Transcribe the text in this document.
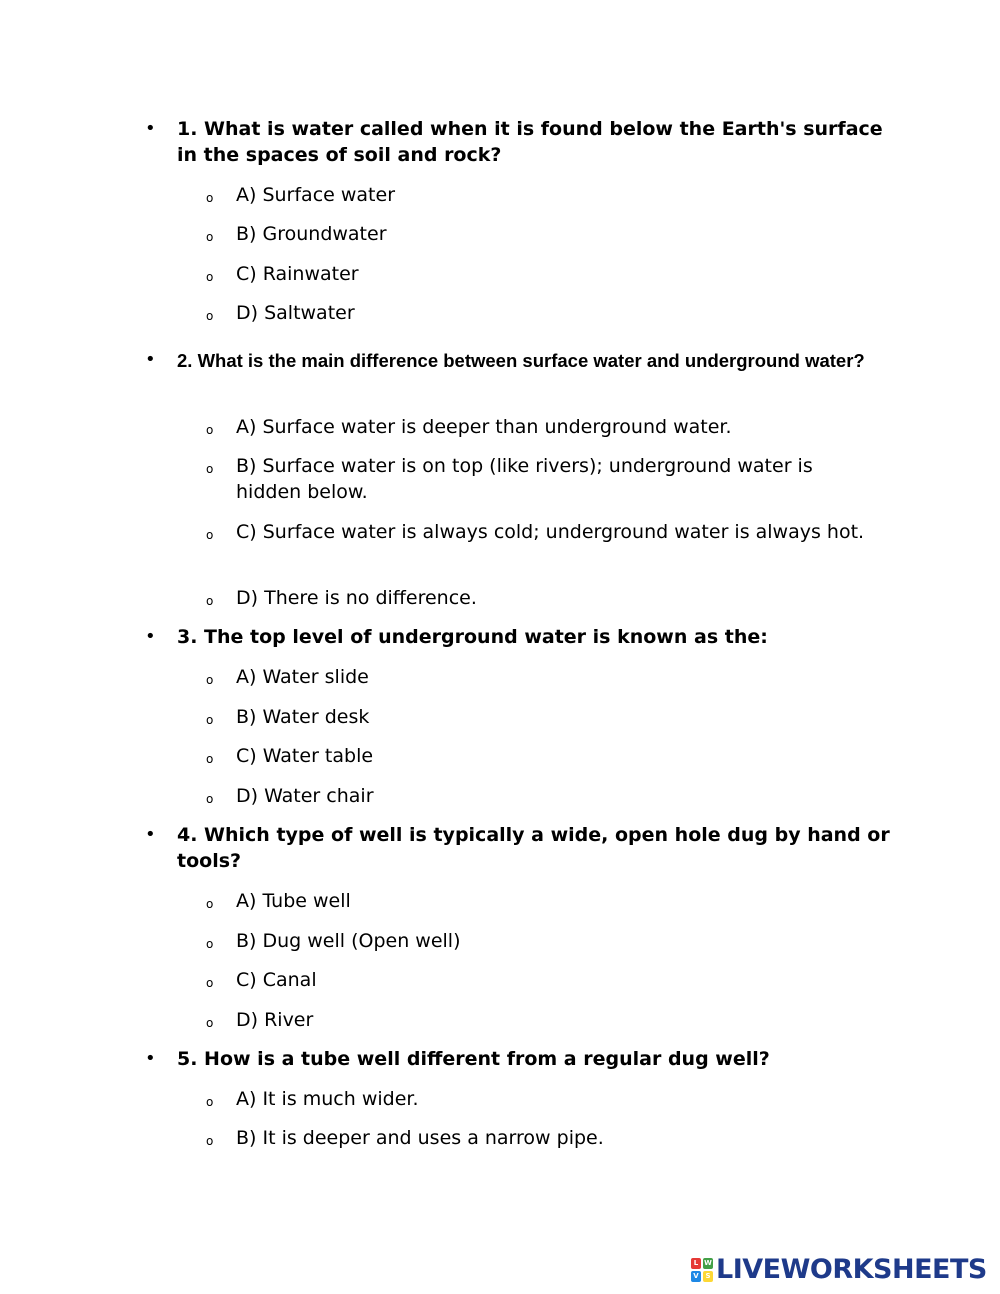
• 1. What is water called when it is found below the Earth's surface in the spaces of soil and rock?
o A) Surface water
o B) Groundwater
o C) Rainwater
o D) Saltwater
• 2. What is the main difference between surface water and underground water?
o A) Surface water is deeper than underground water.
o B) Surface water is on top (like rivers); underground water is hidden below.
o C) Surface water is always cold; underground water is always hot.
o D) There is no difference.
• 3. The top level of underground water is known as the:
o A) Water slide
o B) Water desk
o C) Water table
o D) Water chair
• 4. Which type of well is typically a wide, open hole dug by hand or tools?
o A) Tube well
o B) Dug well (Open well)
o C) Canal
o D) River
• 5. How is a tube well different from a regular dug well?
o A) It is much wider.
o B) It is deeper and uses a narrow pipe.
L W
V S LIVEWORKSHEETS
